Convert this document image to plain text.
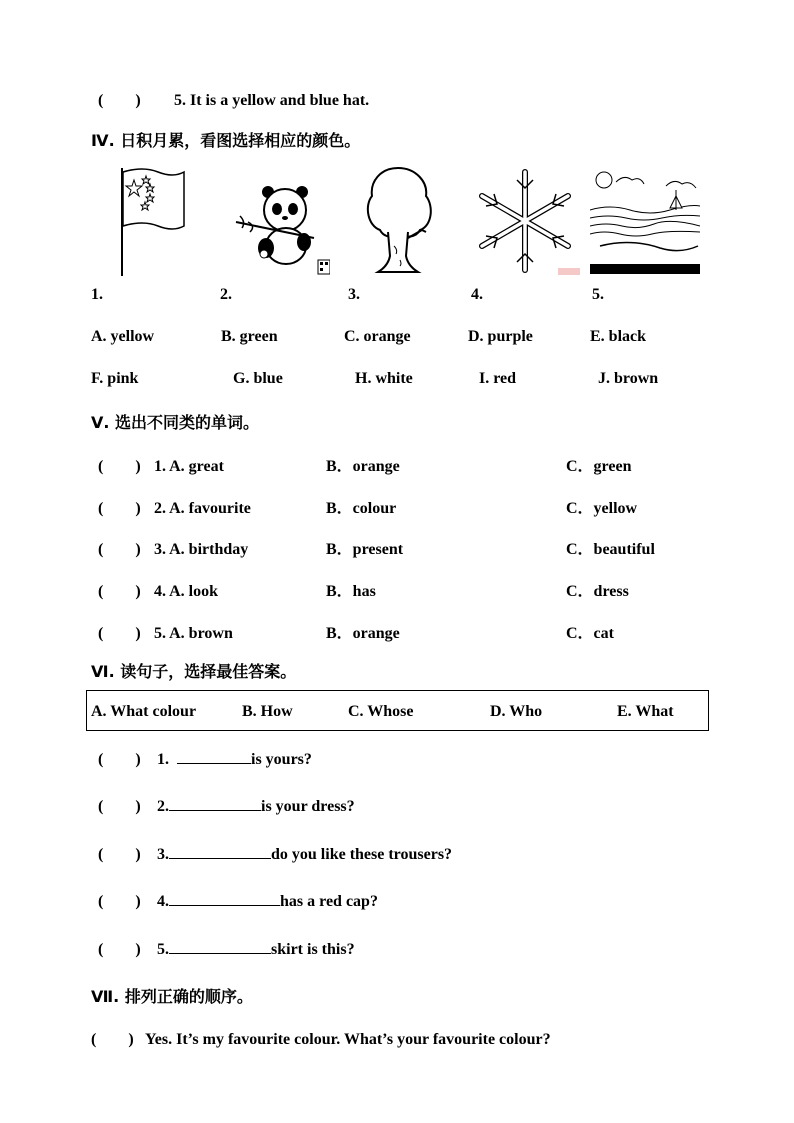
(　　) 5. It is a yellow and blue hat.
Ⅳ. 日积月累，看图选择相应的颜色。
1.	2.	3.	4.	5.
A. yellow	B. green	C. orange	D. purple	E. black
F. pink	G. blue	H. white	I. red	J. brown
Ⅴ. 选出不同类的单词。
(　　) 1. A. great	B．orange	C．green
(　　) 2. A. favourite	B．colour	C．yellow
(　　) 3. A. birthday	B．present	C．beautiful
(　　) 4. A. look	B．has	C．dress
(　　) 5. A. brown	B．orange	C．cat
Ⅵ. 读句子，选择最佳答案。
A. What colour	B. How	C. Whose	D. Who	E. What
(　　) 1.	is yours?
(　　) 2.	is your dress?
(　　) 3.	do you like these trousers?
(　　) 4.	has a red cap?
(　　) 5.	skirt is this?
Ⅶ. 排列正确的顺序。
(　　) Yes. It’s my favourite colour. What’s your favourite colour?
